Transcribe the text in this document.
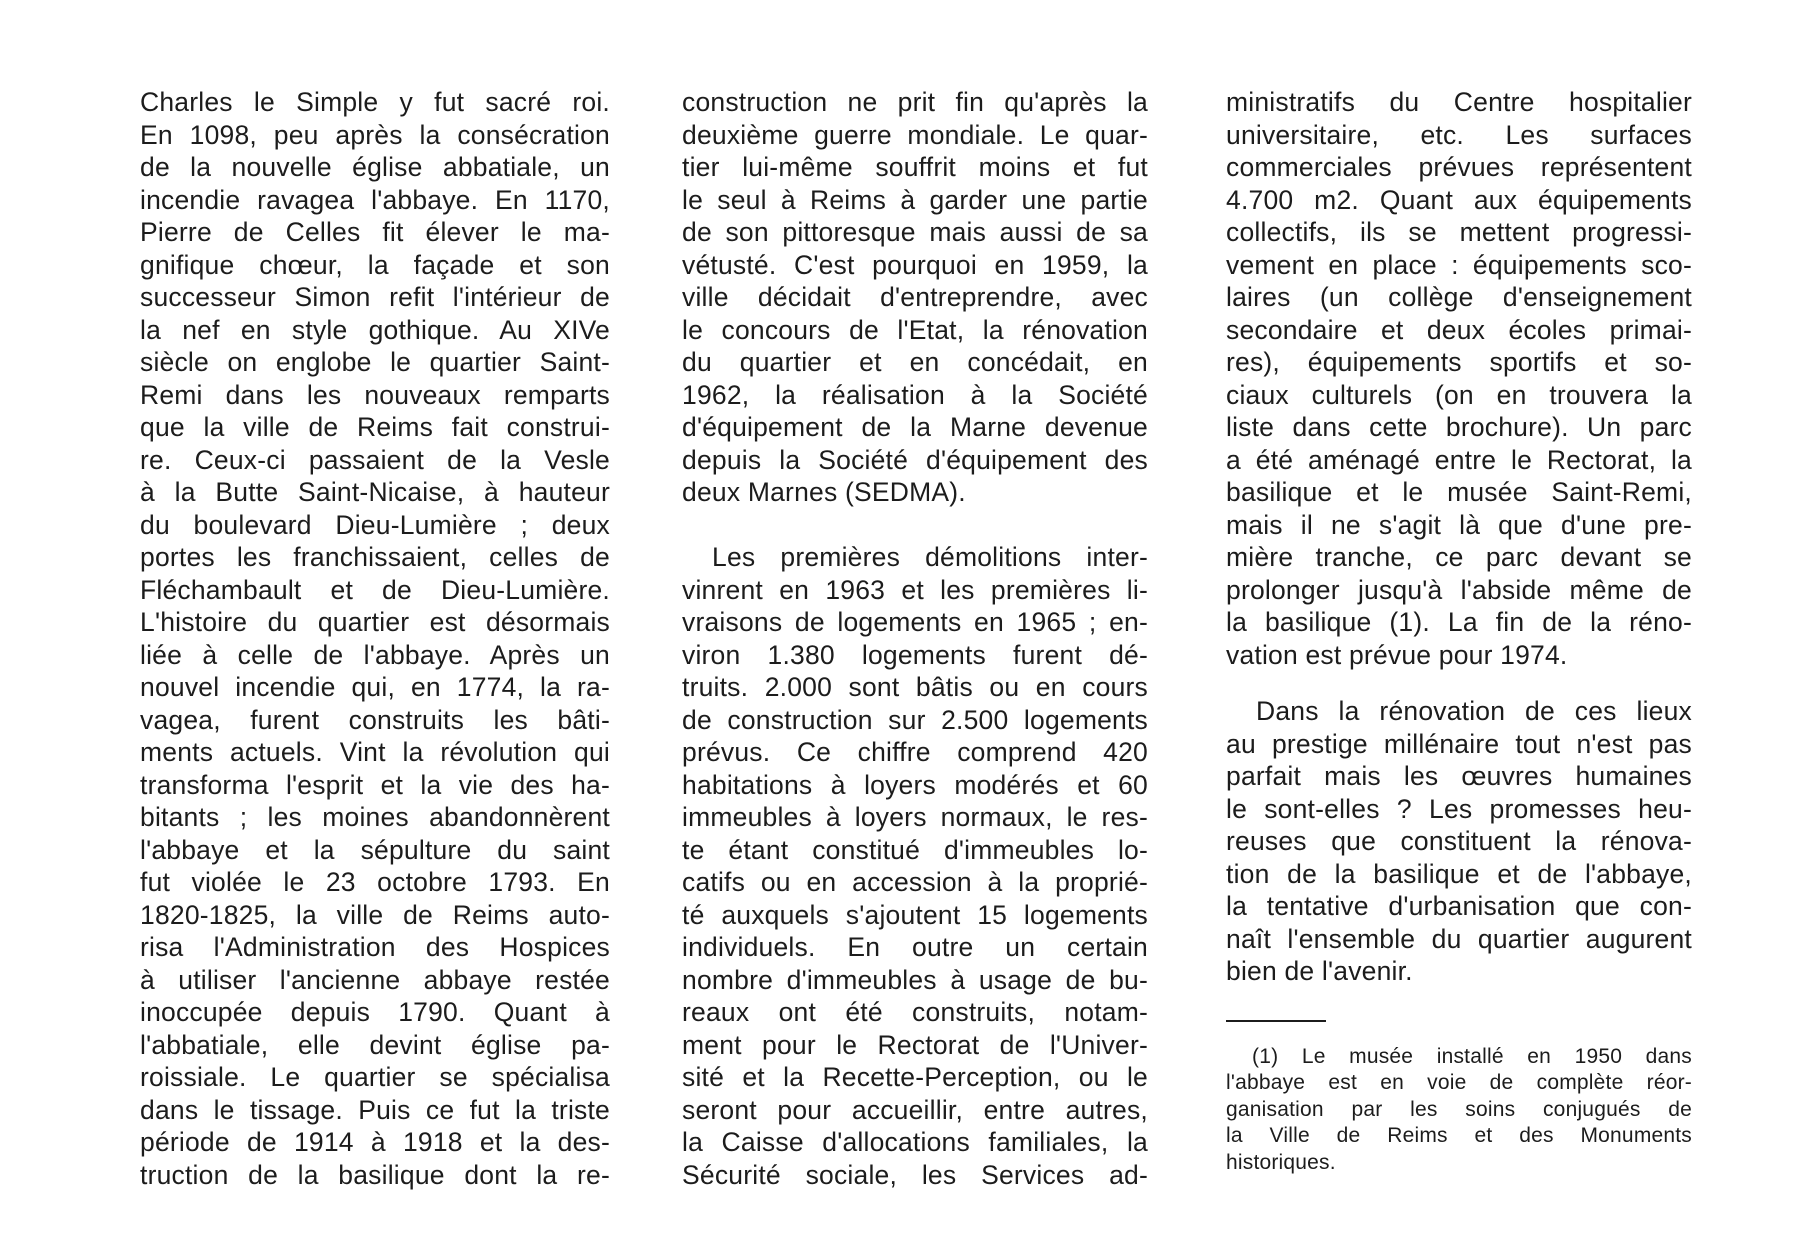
Charles le Simple y fut sacré roi.
En 1098, peu après la consécration
de la nouvelle église abbatiale, un
incendie ravagea l'abbaye. En 1170,
Pierre de Celles fit élever le ma-
gnifique chœur, la façade et son
successeur Simon refit l'intérieur de
la nef en style gothique. Au XIVe
siècle on englobe le quartier Saint-
Remi dans les nouveaux remparts
que la ville de Reims fait construi-
re. Ceux-ci passaient de la Vesle
à la Butte Saint-Nicaise, à hauteur
du boulevard Dieu-Lumière ; deux
portes les franchissaient, celles de
Fléchambault et de Dieu-Lumière.
L'histoire du quartier est désormais
liée à celle de l'abbaye. Après un
nouvel incendie qui, en 1774, la ra-
vagea, furent construits les bâti-
ments actuels. Vint la révolution qui
transforma l'esprit et la vie des ha-
bitants ; les moines abandonnèrent
l'abbaye et la sépulture du saint
fut violée le 23 octobre 1793. En
1820-1825, la ville de Reims auto-
risa l'Administration des Hospices
à utiliser l'ancienne abbaye restée
inoccupée depuis 1790. Quant à
l'abbatiale, elle devint église pa-
roissiale. Le quartier se spécialisa
dans le tissage. Puis ce fut la triste
période de 1914 à 1918 et la des-
truction de la basilique dont la re-
construction ne prit fin qu'après la
deuxième guerre mondiale. Le quar-
tier lui-même souffrit moins et fut
le seul à Reims à garder une partie
de son pittoresque mais aussi de sa
vétusté. C'est pourquoi en 1959, la
ville décidait d'entreprendre, avec
le concours de l'Etat, la rénovation
du quartier et en concédait, en
1962, la réalisation à la Société
d'équipement de la Marne devenue
depuis la Société d'équipement des
deux Marnes (SEDMA).
Les premières démolitions inter-
vinrent en 1963 et les premières li-
vraisons de logements en 1965 ; en-
viron 1.380 logements furent dé-
truits. 2.000 sont bâtis ou en cours
de construction sur 2.500 logements
prévus. Ce chiffre comprend 420
habitations à loyers modérés et 60
immeubles à loyers normaux, le res-
te étant constitué d'immeubles lo-
catifs ou en accession à la proprié-
té auxquels s'ajoutent 15 logements
individuels. En outre un certain
nombre d'immeubles à usage de bu-
reaux ont été construits, notam-
ment pour le Rectorat de l'Univer-
sité et la Recette-Perception, ou le
seront pour accueillir, entre autres,
la Caisse d'allocations familiales, la
Sécurité sociale, les Services ad-
ministratifs du Centre hospitalier
universitaire, etc. Les surfaces
commerciales prévues représentent
4.700 m2. Quant aux équipements
collectifs, ils se mettent progressi-
vement en place : équipements sco-
laires (un collège d'enseignement
secondaire et deux écoles primai-
res), équipements sportifs et so-
ciaux culturels (on en trouvera la
liste dans cette brochure). Un parc
a été aménagé entre le Rectorat, la
basilique et le musée Saint-Remi,
mais il ne s'agit là que d'une pre-
mière tranche, ce parc devant se
prolonger jusqu'à l'abside même de
la basilique (1). La fin de la réno-
vation est prévue pour 1974.
Dans la rénovation de ces lieux
au prestige millénaire tout n'est pas
parfait mais les œuvres humaines
le sont-elles ? Les promesses heu-
reuses que constituent la rénova-
tion de la basilique et de l'abbaye,
la tentative d'urbanisation que con-
naît l'ensemble du quartier augurent
bien de l'avenir.
(1) Le musée installé en 1950 dans
l'abbaye est en voie de complète réor-
ganisation par les soins conjugués de
la Ville de Reims et des Monuments
historiques.
